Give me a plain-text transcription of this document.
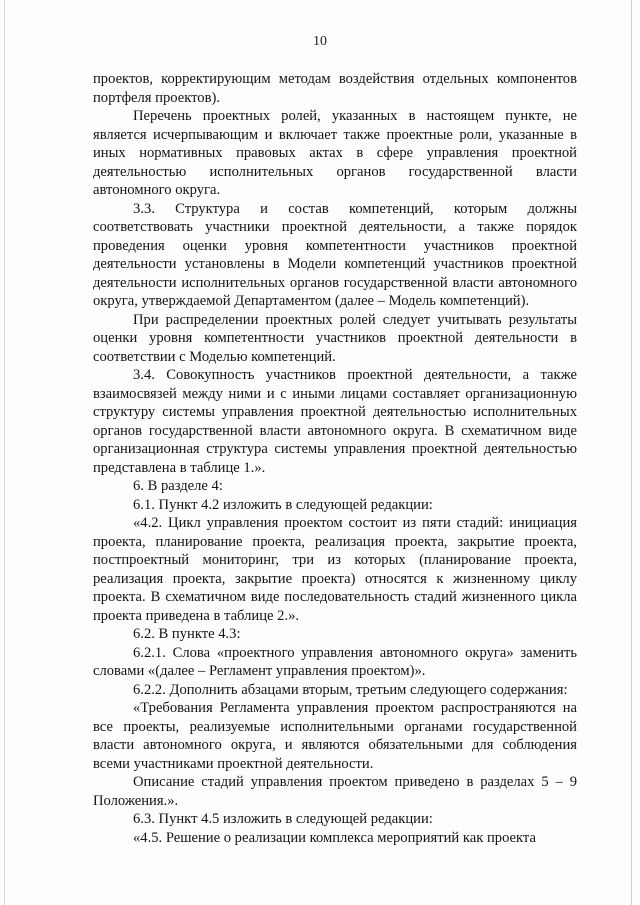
10

проектов, корректирующим методам воздействия отдельных компонентов портфеля проектов).

Перечень проектных ролей, указанных в настоящем пункте, не является исчерпывающим и включает также проектные роли, указанные в иных нормативных правовых актах в сфере управления проектной деятельностью исполнительных органов государственной власти автономного округа.

3.3. Структура и состав компетенций, которым должны соответствовать участники проектной деятельности, а также порядок проведения оценки уровня компетентности участников проектной деятельности установлены в Модели компетенций участников проектной деятельности исполнительных органов государственной власти автономного округа, утверждаемой Департаментом (далее – Модель компетенций).

При распределении проектных ролей следует учитывать результаты оценки уровня компетентности участников проектной деятельности в соответствии с Моделью компетенций.

3.4. Совокупность участников проектной деятельности, а также взаимосвязей между ними и с иными лицами составляет организационную структуру системы управления проектной деятельностью исполнительных органов государственной власти автономного округа. В схематичном виде организационная структура системы управления проектной деятельностью представлена в таблице 1.».

6. В разделе 4:

6.1. Пункт 4.2 изложить в следующей редакции:

«4.2. Цикл управления проектом состоит из пяти стадий: инициация проекта, планирование проекта, реализация проекта, закрытие проекта, постпроектный мониторинг, три из которых (планирование проекта, реализация проекта, закрытие проекта) относятся к жизненному циклу проекта. В схематичном виде последовательность стадий жизненного цикла проекта приведена в таблице 2.».

6.2. В пункте 4.3:

6.2.1. Слова «проектного управления автономного округа» заменить словами «(далее – Регламент управления проектом)».

6.2.2. Дополнить абзацами вторым, третьим следующего содержания:

«Требования Регламента управления проектом распространяются на все проекты, реализуемые исполнительными органами государственной власти автономного округа, и являются обязательными для соблюдения всеми участниками проектной деятельности.

Описание стадий управления проектом приведено в разделах 5 – 9 Положения.».

6.3. Пункт 4.5 изложить в следующей редакции:

«4.5. Решение о реализации комплекса мероприятий как проекта
